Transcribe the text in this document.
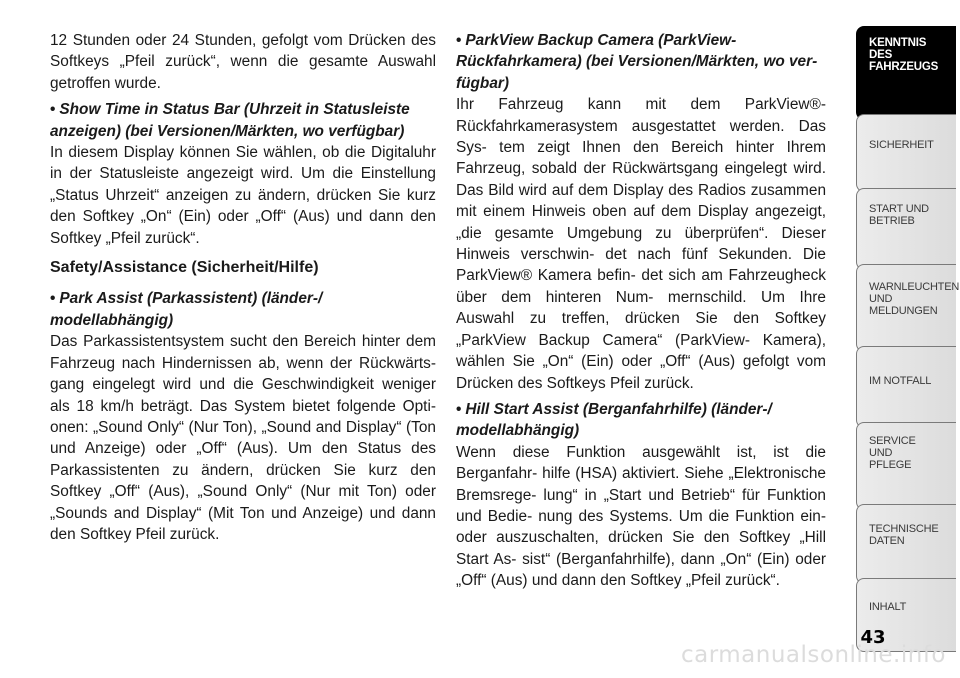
12 Stunden oder 24 Stunden, gefolgt vom Drücken des Softkeys „Pfeil zurück“, wenn die gesamte Auswahl getroffen wurde.

• Show Time in Status Bar (Uhrzeit in Statusleiste anzeigen) (bei Versionen/Märkten, wo verfügbar)

In diesem Display können Sie wählen, ob die Digitaluhr in der Statusleiste angezeigt wird. Um die Einstellung „Status Uhrzeit“ anzeigen zu ändern, drücken Sie kurz den Softkey „On“ (Ein) oder „Off“ (Aus) und dann den Softkey „Pfeil zurück“.

Safety/Assistance (Sicherheit/Hilfe)
• Park Assist (Parkassistent) (länder-/ modellabhängig)

Das Parkassistentsystem sucht den Bereich hinter dem Fahrzeug nach Hindernissen ab, wenn der Rückwärts- gang eingelegt wird und die Geschwindigkeit weniger als 18 km/h beträgt. Das System bietet folgende Opti- onen: „Sound Only“ (Nur Ton), „Sound and Display“ (Ton und Anzeige) oder „Off“ (Aus). Um den Status des Parkassistenten zu ändern, drücken Sie kurz den Softkey „Off“ (Aus), „Sound Only“ (Nur mit Ton) oder „Sounds and Display“ (Mit Ton und Anzeige) und dann den Softkey Pfeil zurück.

• ParkView Backup Camera (ParkView- Rückfahrkamera) (bei Versionen/Märkten, wo ver- fügbar)

Ihr Fahrzeug kann mit dem ParkView®- Rückfahrkamerasystem ausgestattet werden. Das Sys- tem zeigt Ihnen den Bereich hinter Ihrem Fahrzeug, sobald der Rückwärtsgang eingelegt wird. Das Bild wird auf dem Display des Radios zusammen mit einem Hinweis oben auf dem Display angezeigt, „die gesamte Umgebung zu überprüfen“. Dieser Hinweis verschwin- det nach fünf Sekunden. Die ParkView® Kamera befin- det sich am Fahrzeugheck über dem hinteren Num- mernschild. Um Ihre Auswahl zu treffen, drücken Sie den Softkey „ParkView Backup Camera“ (ParkView- Kamera), wählen Sie „On“ (Ein) oder „Off“ (Aus) gefolgt vom Drücken des Softkeys Pfeil zurück.

• Hill Start Assist (Berganfahrhilfe) (länder-/ modellabhängig)

Wenn diese Funktion ausgewählt ist, ist die Berganfahr- hilfe (HSA) aktiviert. Siehe „Elektronische Bremsrege- lung“ in „Start und Betrieb“ für Funktion und Bedie- nung des Systems. Um die Funktion ein- oder auszuschalten, drücken Sie den Softkey „Hill Start As- sist“ (Berganfahrhilfe), dann „On“ (Ein) oder „Off“ (Aus) und dann den Softkey „Pfeil zurück“.

KENNTNIS
DES
FAHRZEUGS
SICHERHEIT
START UND
BETRIEB
WARNLEUCHTEN
UND
MELDUNGEN
IM NOTFALL
SERVICE
UND
PFLEGE
TECHNISCHE
DATEN
INHALT
43
carmanualsonline.info
